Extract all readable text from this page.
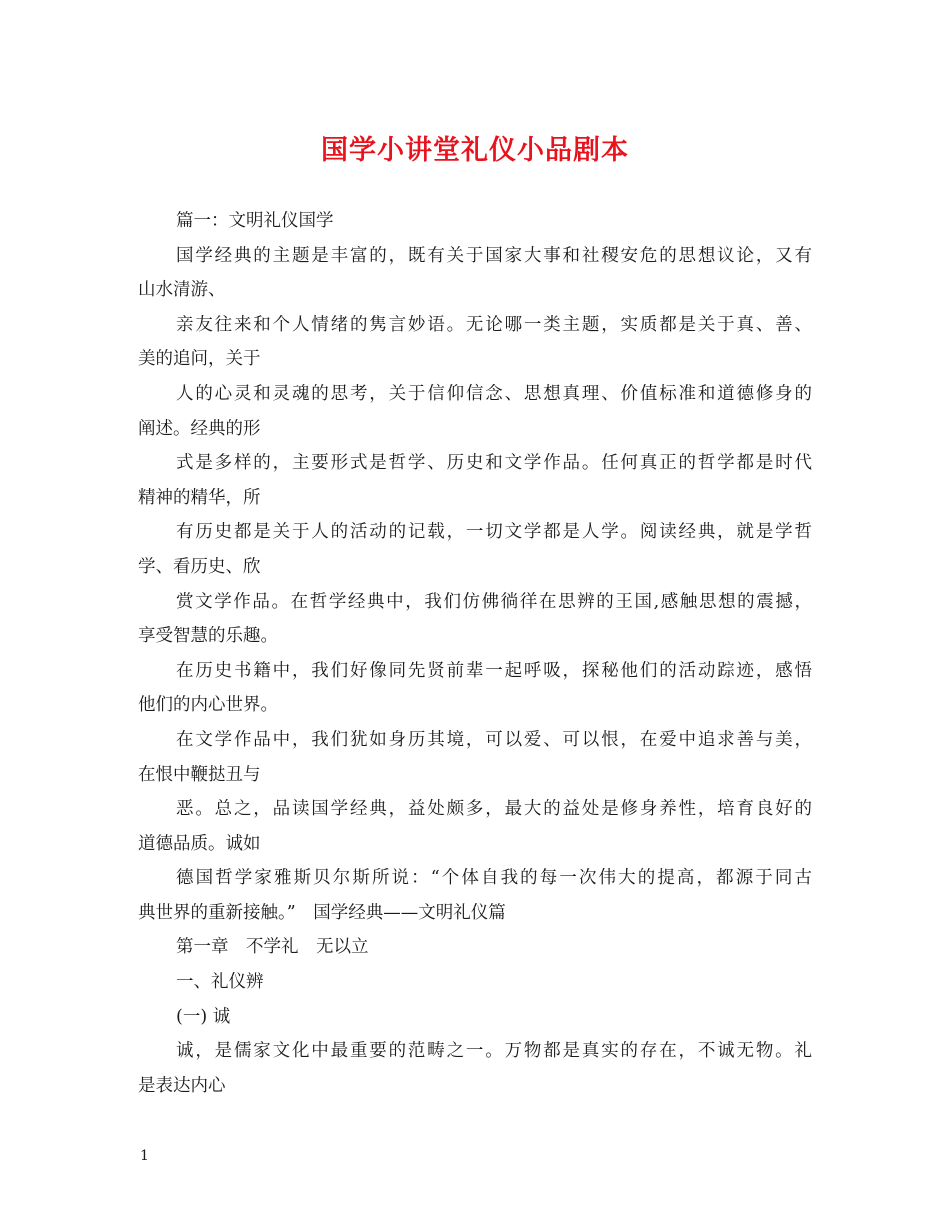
国学小讲堂礼仪小品剧本
篇一：文明礼仪国学
国学经典的主题是丰富的，既有关于国家大事和社稷安危的思想议论，又有
山水清游、
亲友往来和个人情绪的隽言妙语。无论哪一类主题，实质都是关于真、善、
美的追问，关于
人的心灵和灵魂的思考，关于信仰信念、思想真理、价值标准和道德修身的
阐述。经典的形
式是多样的，主要形式是哲学、历史和文学作品。任何真正的哲学都是时代
精神的精华，所
有历史都是关于人的活动的记载，一切文学都是人学。阅读经典，就是学哲
学、看历史、欣
赏文学作品。在哲学经典中，我们仿佛徜徉在思辨的王国,感触思想的震撼，
享受智慧的乐趣。
在历史书籍中，我们好像同先贤前辈一起呼吸，探秘他们的活动踪迹，感悟
他们的内心世界。
在文学作品中，我们犹如身历其境，可以爱、可以恨，在爱中追求善与美，
在恨中鞭挞丑与
恶。总之，品读国学经典，益处颇多，最大的益处是修身养性，培育良好的
道德品质。诚如
德国哲学家雅斯贝尔斯所说：“个体自我的每一次伟大的提高，都源于同古
典世界的重新接触。”　国学经典——文明礼仪篇
第一章　不学礼　无以立
一、礼仪辨
(一) 诚
诚，是儒家文化中最重要的范畴之一。万物都是真实的存在，不诚无物。礼
是表达内心
1
